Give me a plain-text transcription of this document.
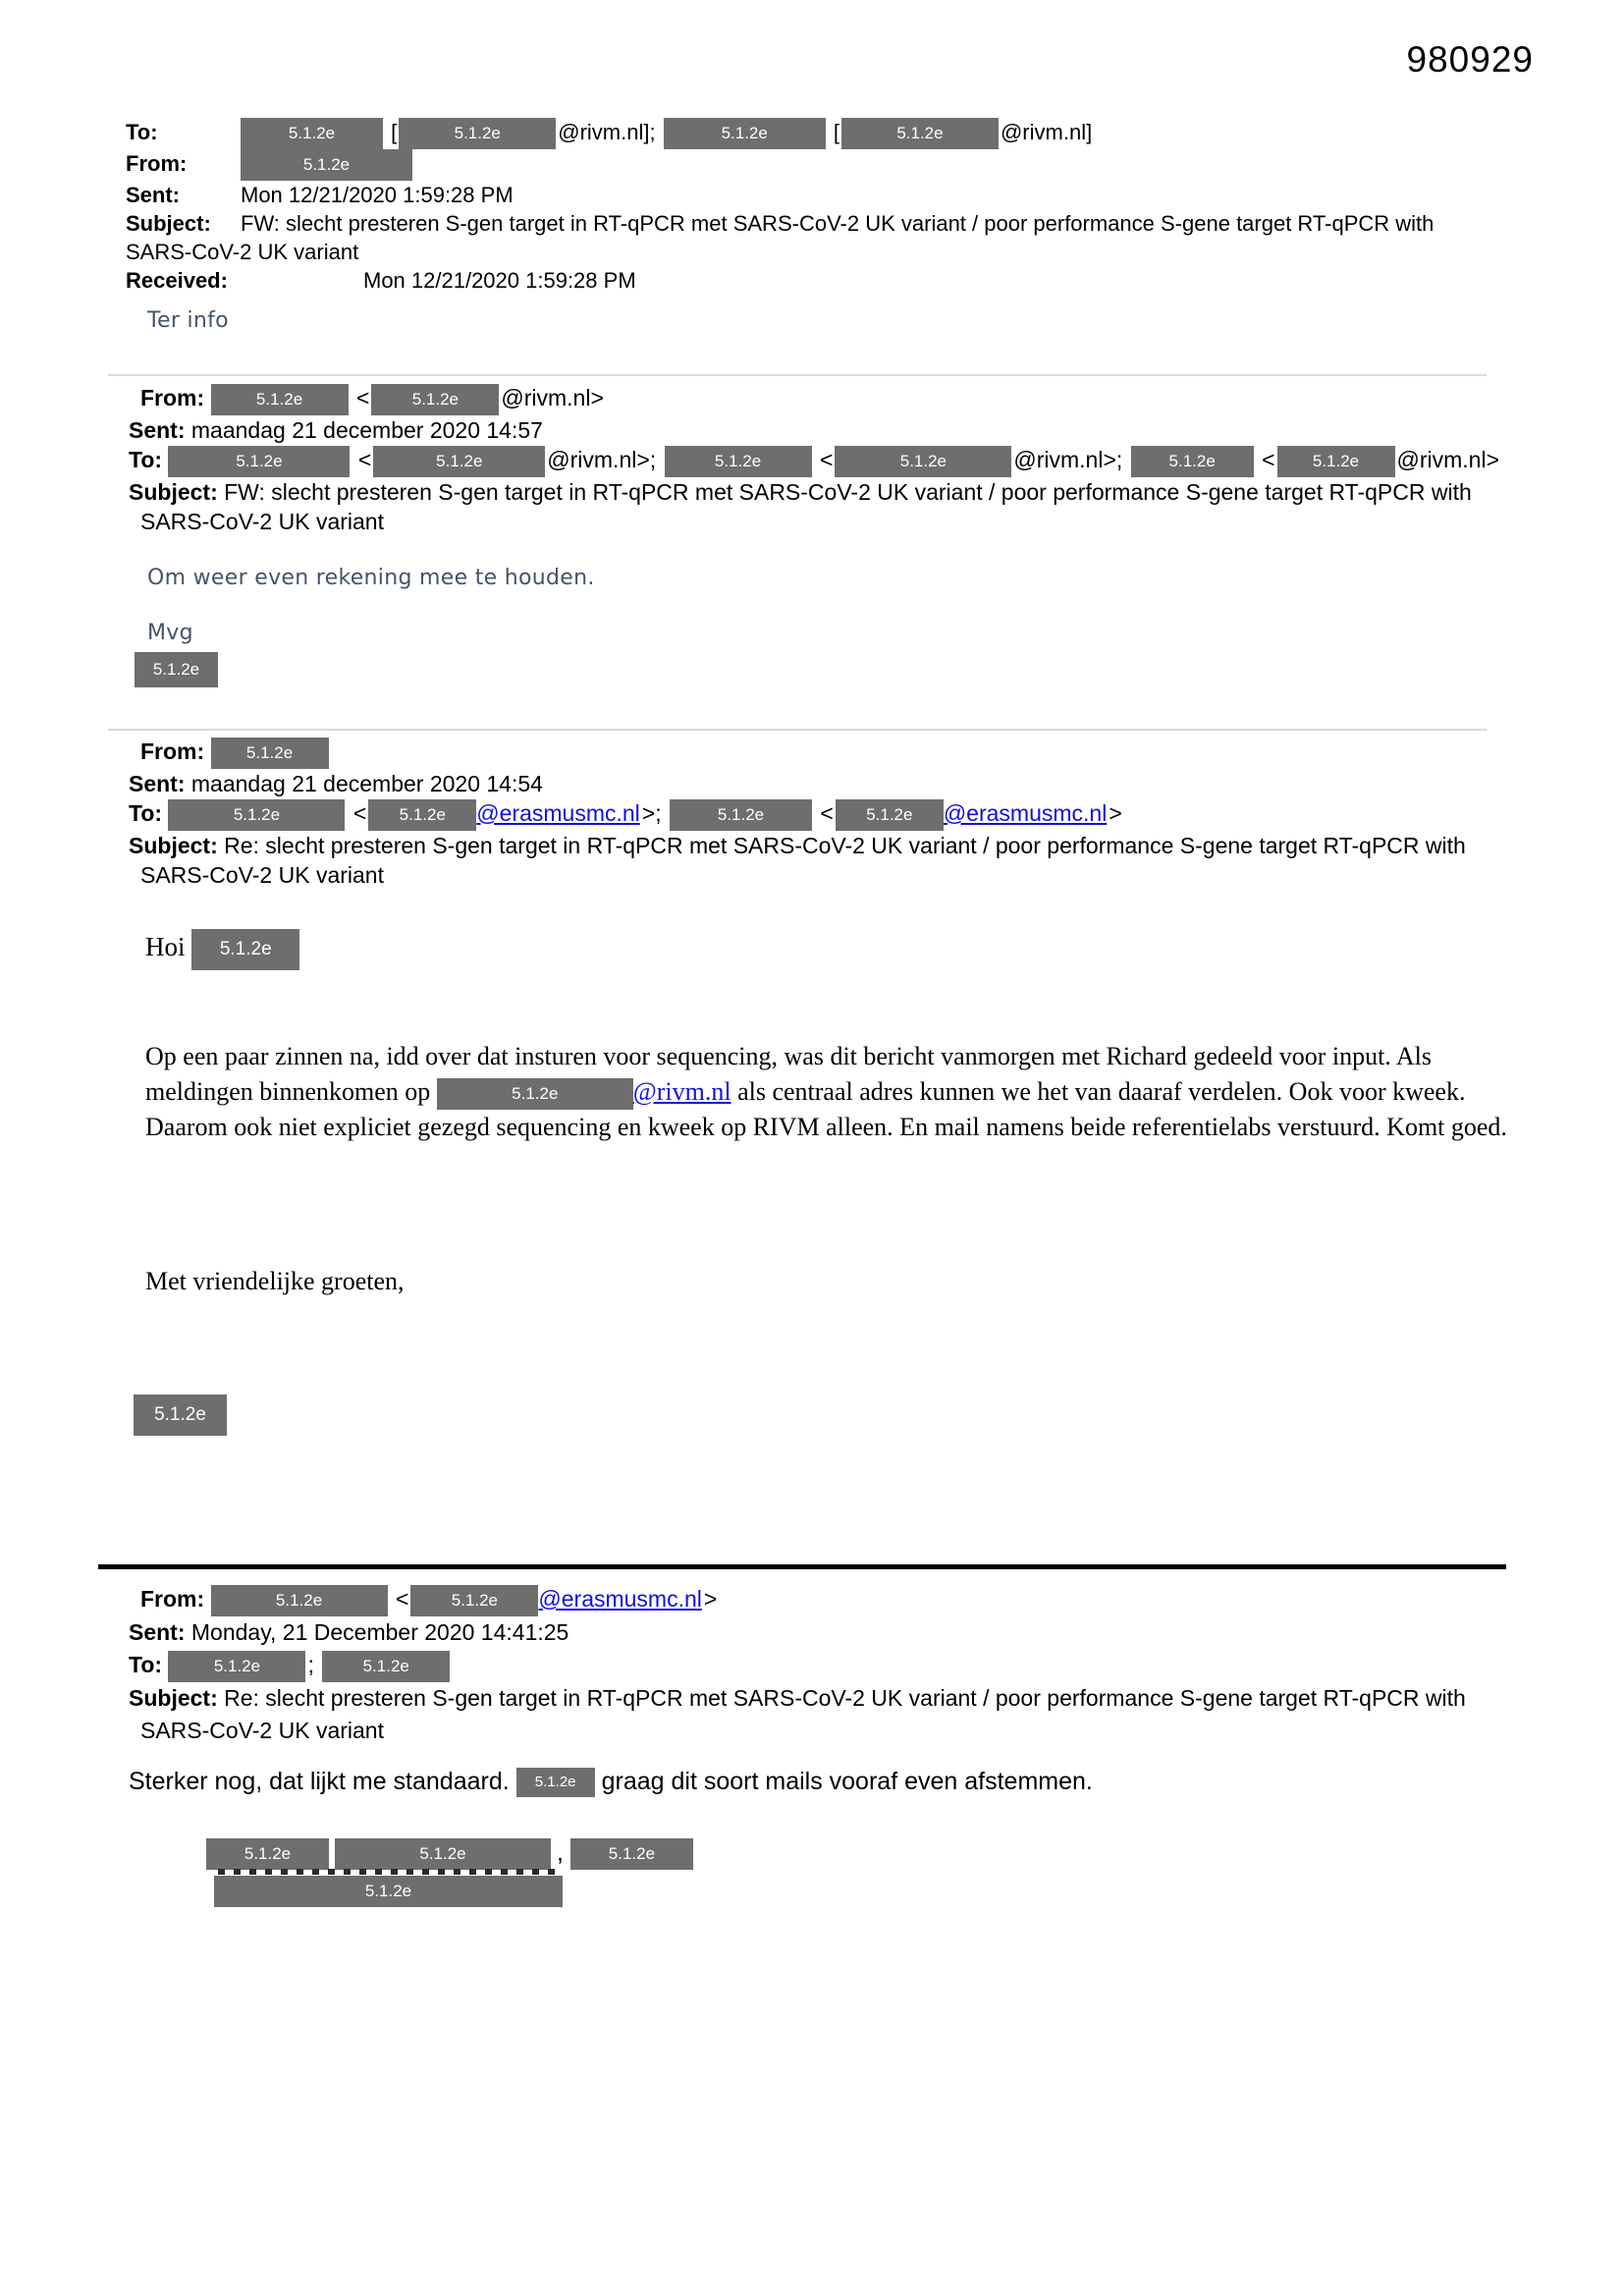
980929
To:	5.1.2e	[	5.1.2e	@rivm.nl];	5.1.2e	[	5.1.2e	@rivm.nl]
From:	5.1.2e
Sent:	Mon 12/21/2020 1:59:28 PM
Subject: FW: slecht presteren S-gen target in RT-qPCR met SARS-CoV-2 UK variant / poor performance S-gene target RT-qPCR with SARS-CoV-2 UK variant
Received:	Mon 12/21/2020 1:59:28 PM
Ter info
From:	5.1.2e <	5.1.2e @rivm.nl>
Sent: maandag 21 december 2020 14:57
To:	5.1.2e	<	5.1.2e	@rivm.nl>;	5.1.2e	<	5.1.2e	@rivm.nl>;	5.1.2e < 5.1.2e @rivm.nl>
Subject: FW: slecht presteren S-gen target in RT-qPCR met SARS-CoV-2 UK variant / poor performance S-gene target RT-qPCR with SARS-CoV-2 UK variant
Om weer even rekening mee te houden.
Mvg
5.1.2e
From:	5.1.2e
Sent: maandag 21 december 2020 14:54
To:	5.1.2e	< 5.1.2e @erasmusmc.nl>;	5.1.2e < 5.1.2e @erasmusmc.nl>
Subject: Re: slecht presteren S-gen target in RT-qPCR met SARS-CoV-2 UK variant / poor performance S-gene target RT-qPCR with SARS-CoV-2 UK variant
Hoi 5.1.2e
Op een paar zinnen na, idd over dat insturen voor sequencing, was dit bericht vanmorgen met Richard gedeeld voor input. Als meldingen binnenkomen op	5.1.2e	@rivm.nl als centraal adres kunnen we het van daaraf verdelen. Ook voor kweek. Daarom ook niet expliciet gezegd sequencing en kweek op RIVM alleen. En mail namens beide referentielabs verstuurd. Komt goed.
Met vriendelijke groeten,
5.1.2e
From:	5.1.2e	<	5.1.2e @erasmusmc.nl>
Sent: Monday, 21 December 2020 14:41:25
To:	5.1.2e ;	5.1.2e
Subject: Re: slecht presteren S-gen target in RT-qPCR met SARS-CoV-2 UK variant / poor performance S-gene target RT-qPCR with SARS-CoV-2 UK variant
Sterker nog, dat lijkt me standaard. 5.1.2e graag dit soort mails vooraf even afstemmen.
5.1.2e	5.1.2e	,	5.1.2e
5.1.2e
